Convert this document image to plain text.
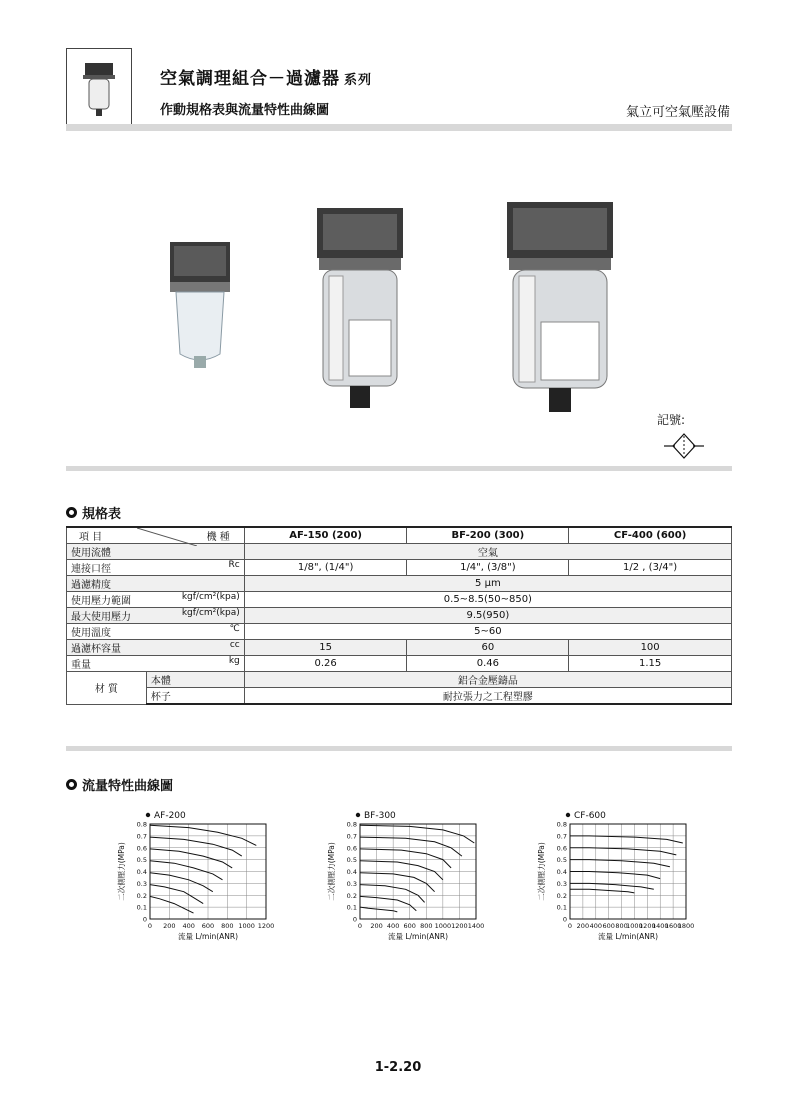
空氣調理組合－過濾器 系列
作動規格表與流量特性曲線圖	氣立可空氣壓設備
記號:
規格表
項 目 機 種		AF-150 (200)	BF-200 (300)	CF-400 (600)
使用流體		空氣		
連接口徑 Rc		1/8", (1/4")	1/4", (3/8")	1/2 , (3/4")
過濾精度		5 μm		
使用壓力範圍 kgf/cm²(kpa)		0.5~8.5(50~850)		
最大使用壓力 kgf/cm²(kpa)		9.5(950)		
使用溫度 ℃		5~60		
過濾杯容量 cc		15	60	100
重量 kg		0.26	0.46	1.15
材 質	本體	鋁合金壓鑄品		
	杯子	耐拉張力之工程塑膠		
流量特性曲線圖
AF-200
0 200 400 600 800 1000 1200
0
0.1
0.2
0.3
0.4
0.5
0.6
0.7
0.8
流量 L/min(ANR)
二次側壓力(MPa)
BF-300
0 200 400 600 800 1000 1200 1400
0
0.1
0.2
0.3
0.4
0.5
0.6
0.7
0.8
流量 L/min(ANR)
二次側壓力(MPa)
CF-600
0 200 400 600 800
1000
1200
1400
1600
1800
0
0.1
0.2
0.3
0.4
0.5
0.6
0.7
0.8
流量 L/min(ANR)
二次側壓力(MPa)
1-2.20
